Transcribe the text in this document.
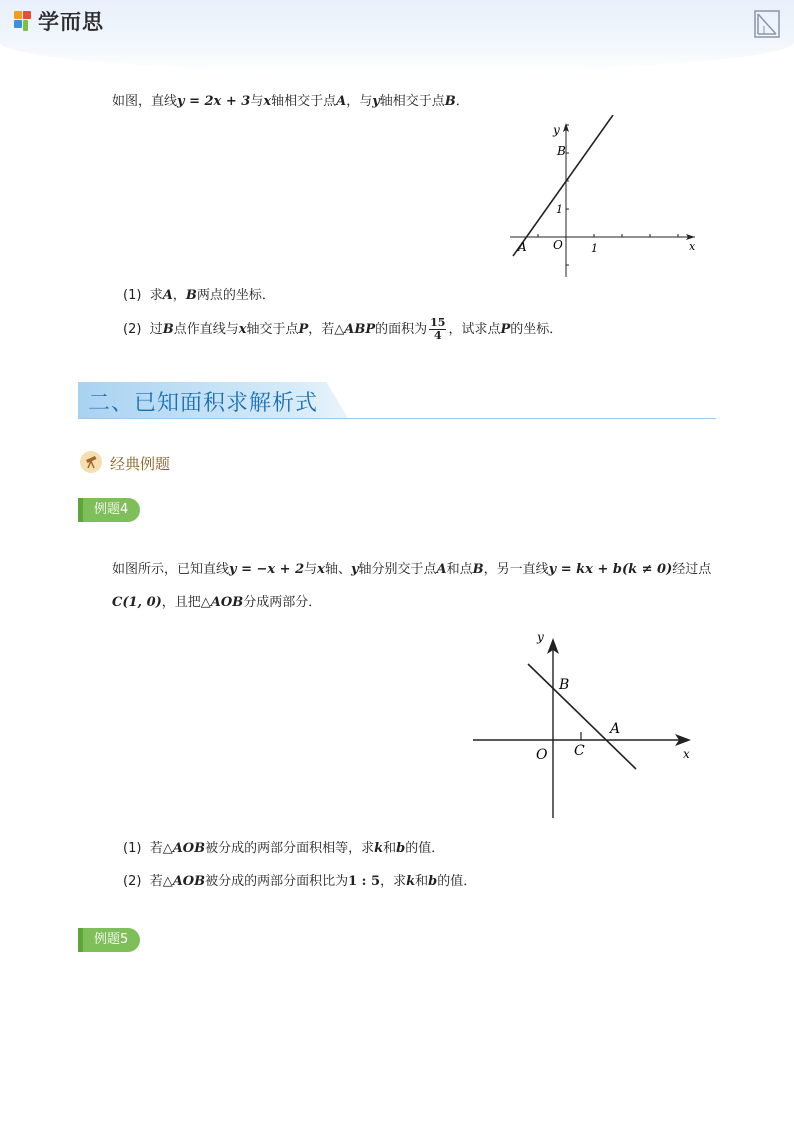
学而思
如图，直线y = 2x + 3与x轴相交于点A，与y轴相交于点B．
y
B
1
A O	1	x
(1) 求A，B两点的坐标．
(2) 过B点作直线与x轴交于点P，若△ABP的面积为 $\frac{15}{4}$ ，试求点P的坐标．
二、已知面积求解析式
经典例题
例题4
如图所示，已知直线y = −x + 2与x轴、y轴分别交于点A和点B，另一直线y = kx + b(k ≠ 0)经过点
C(1, 0)，且把△AOB分成两部分．
y
B
A
O C	x
(1) 若△AOB被分成的两部分面积相等，求k和b的值．
(2) 若△AOB被分成的两部分面积比为1 : 5，求k和b的值．
例题5
